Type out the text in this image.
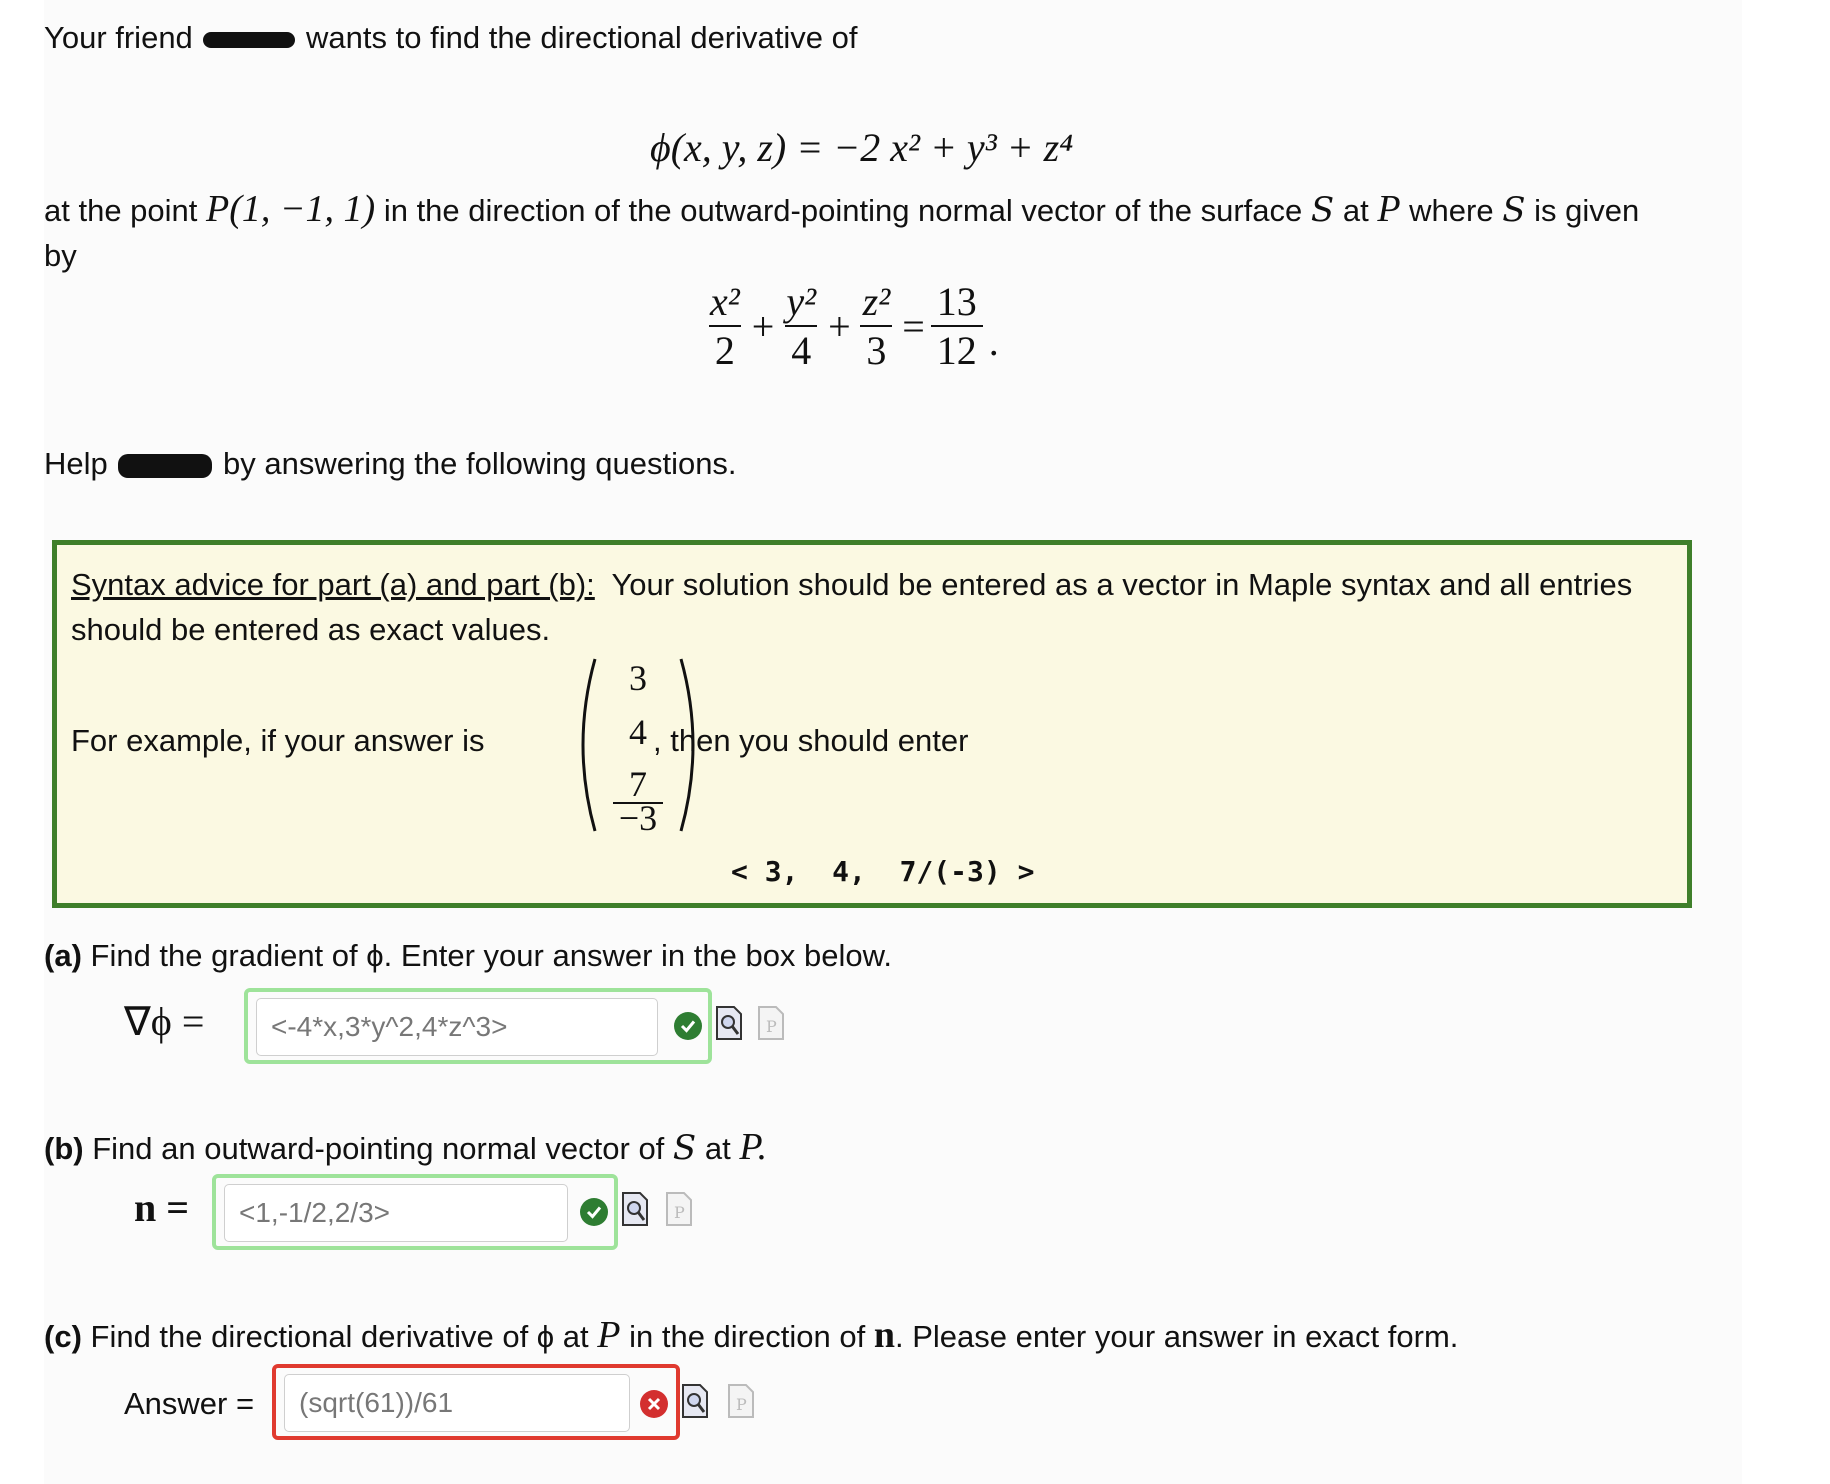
Your friend	wants to find the directional derivative of
ϕ(x, y, z) = −2 x² + y³ + z⁴
at the point P(1, −1, 1) in the direction of the outward-pointing normal vector of the surface S at P where S is given
by
$\frac{\text{x²}}{2} + \frac{\text{y²}}{4} + \frac{\text{z²}}{3} = \frac{13}{12}$ .
Help	by answering the following questions.
Syntax advice for part (a) and part (b): Your solution should be entered as a vector in Maple syntax and all entries should be entered as exact values.
For example, if your answer is
3
4
7
−3
, then you should enter
< 3,  4,  7/(-3) >
(a) Find the gradient of ϕ. Enter your answer in the box below.
∇ϕ =
<-4*x,3*y^2,4*z^3>	P
(b) Find an outward-pointing normal vector of S at P.
n =
<1,-1/2,2/3>	P
(c) Find the directional derivative of ϕ at P in the direction of n. Please enter your answer in exact form.
Answer =
(sqrt(61))/61	P
